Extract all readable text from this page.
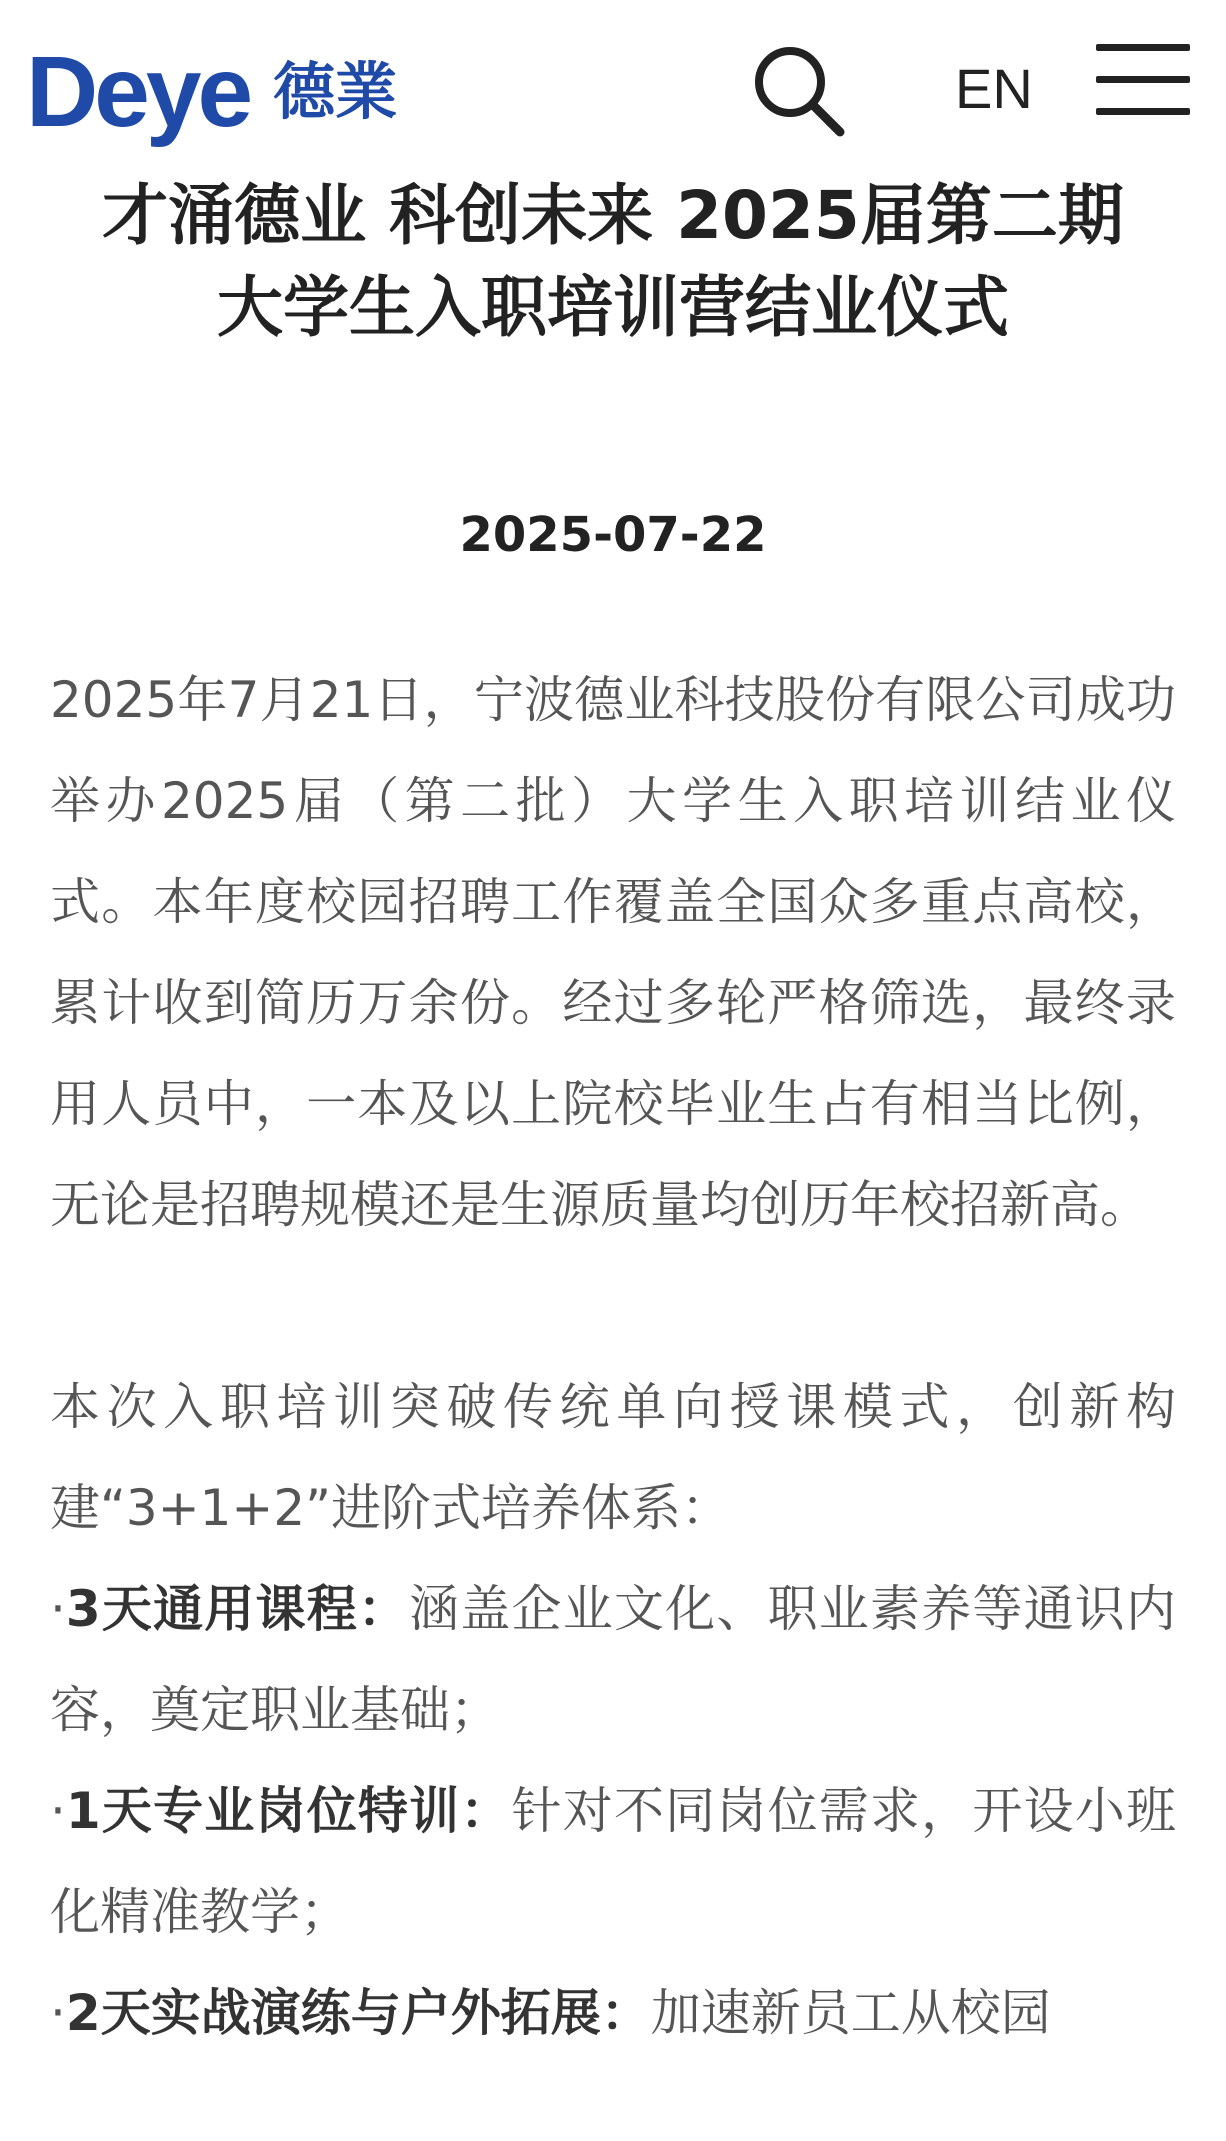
Deye 德業	EN
才涌德业 科创未来 2025届第二期大学生入职培训营结业仪式
2025-07-22

2025年7月21日，宁波德业科技股份有限公司成功举办2025届（第二批）大学生入职培训结业仪式。本年度校园招聘工作覆盖全国众多重点高校，累计收到简历万余份。经过多轮严格筛选，最终录用人员中，一本及以上院校毕业生占有相当比例，无论是招聘规模还是生源质量均创历年校招新高。

本次入职培训突破传统单向授课模式，创新构建“3+1+2”进阶式培养体系：

·3天通用课程：涵盖企业文化、职业素养等通识内容，奠定职业基础；

·1天专业岗位特训：针对不同岗位需求，开设小班化精准教学；

·2天实战演练与户外拓展：加速新员工从校园
